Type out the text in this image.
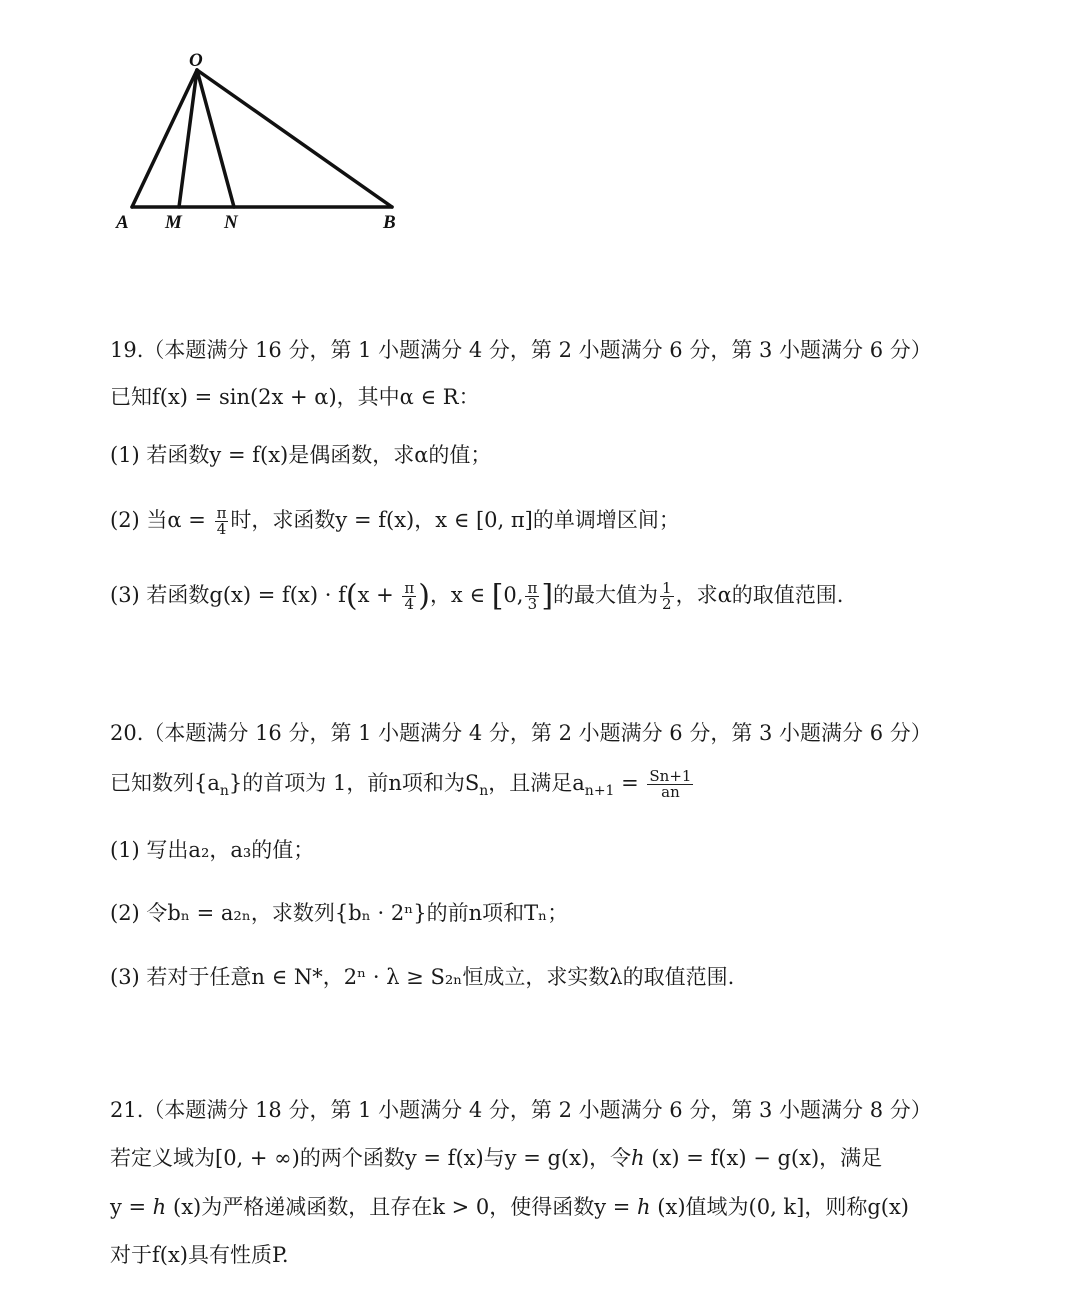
O
A M N	B
19.（本题满分 16 分，第 1 小题满分 4 分，第 2 小题满分 6 分，第 3 小题满分 6 分）
已知f(x) = sin(2x + α)，其中α ∈ R：
(1) 若函数y = f(x)是偶函数，求α的值；
(2) 当$\alpha = \frac{\pi}{4}$ 时，求函数y = f(x)，x ∈ [0, π]的单调增区间；
(3) 若函数$g(x) = f(x) \cdot f(x + \frac{\pi}{4}$ )，x ∈ [0, $\frac{\pi}{3}$ ]的最大值为 $\frac{1}{2}$ ，求α的取值范围.
20.（本题满分 16 分，第 1 小题满分 4 分，第 2 小题满分 6 分，第 3 小题满分 6 分）
已知数列$\{a_n\}$的首项为 1，前n项和为$S_n$，且满足$a_{n+1} = \frac{Sn+1}{an}$
(1) 写出a₂，a₃的值；
(2) 令bₙ = a₂ₙ，求数列{bₙ · 2ⁿ}的前n项和Tₙ；
(3) 若对于任意n ∈ N*，2ⁿ · λ ≥ S₂ₙ恒成立，求实数λ的取值范围.
21.（本题满分 18 分，第 1 小题满分 4 分，第 2 小题满分 6 分，第 3 小题满分 8 分）
若定义域为[0, + ∞)的两个函数y = f(x)与y = g(x)，令ℎ (x) = f(x) − g(x)，满足
y = ℎ (x)为严格递减函数，且存在k > 0，使得函数y = ℎ (x)值域为(0, k]，则称g(x)
对于f(x)具有性质P.
